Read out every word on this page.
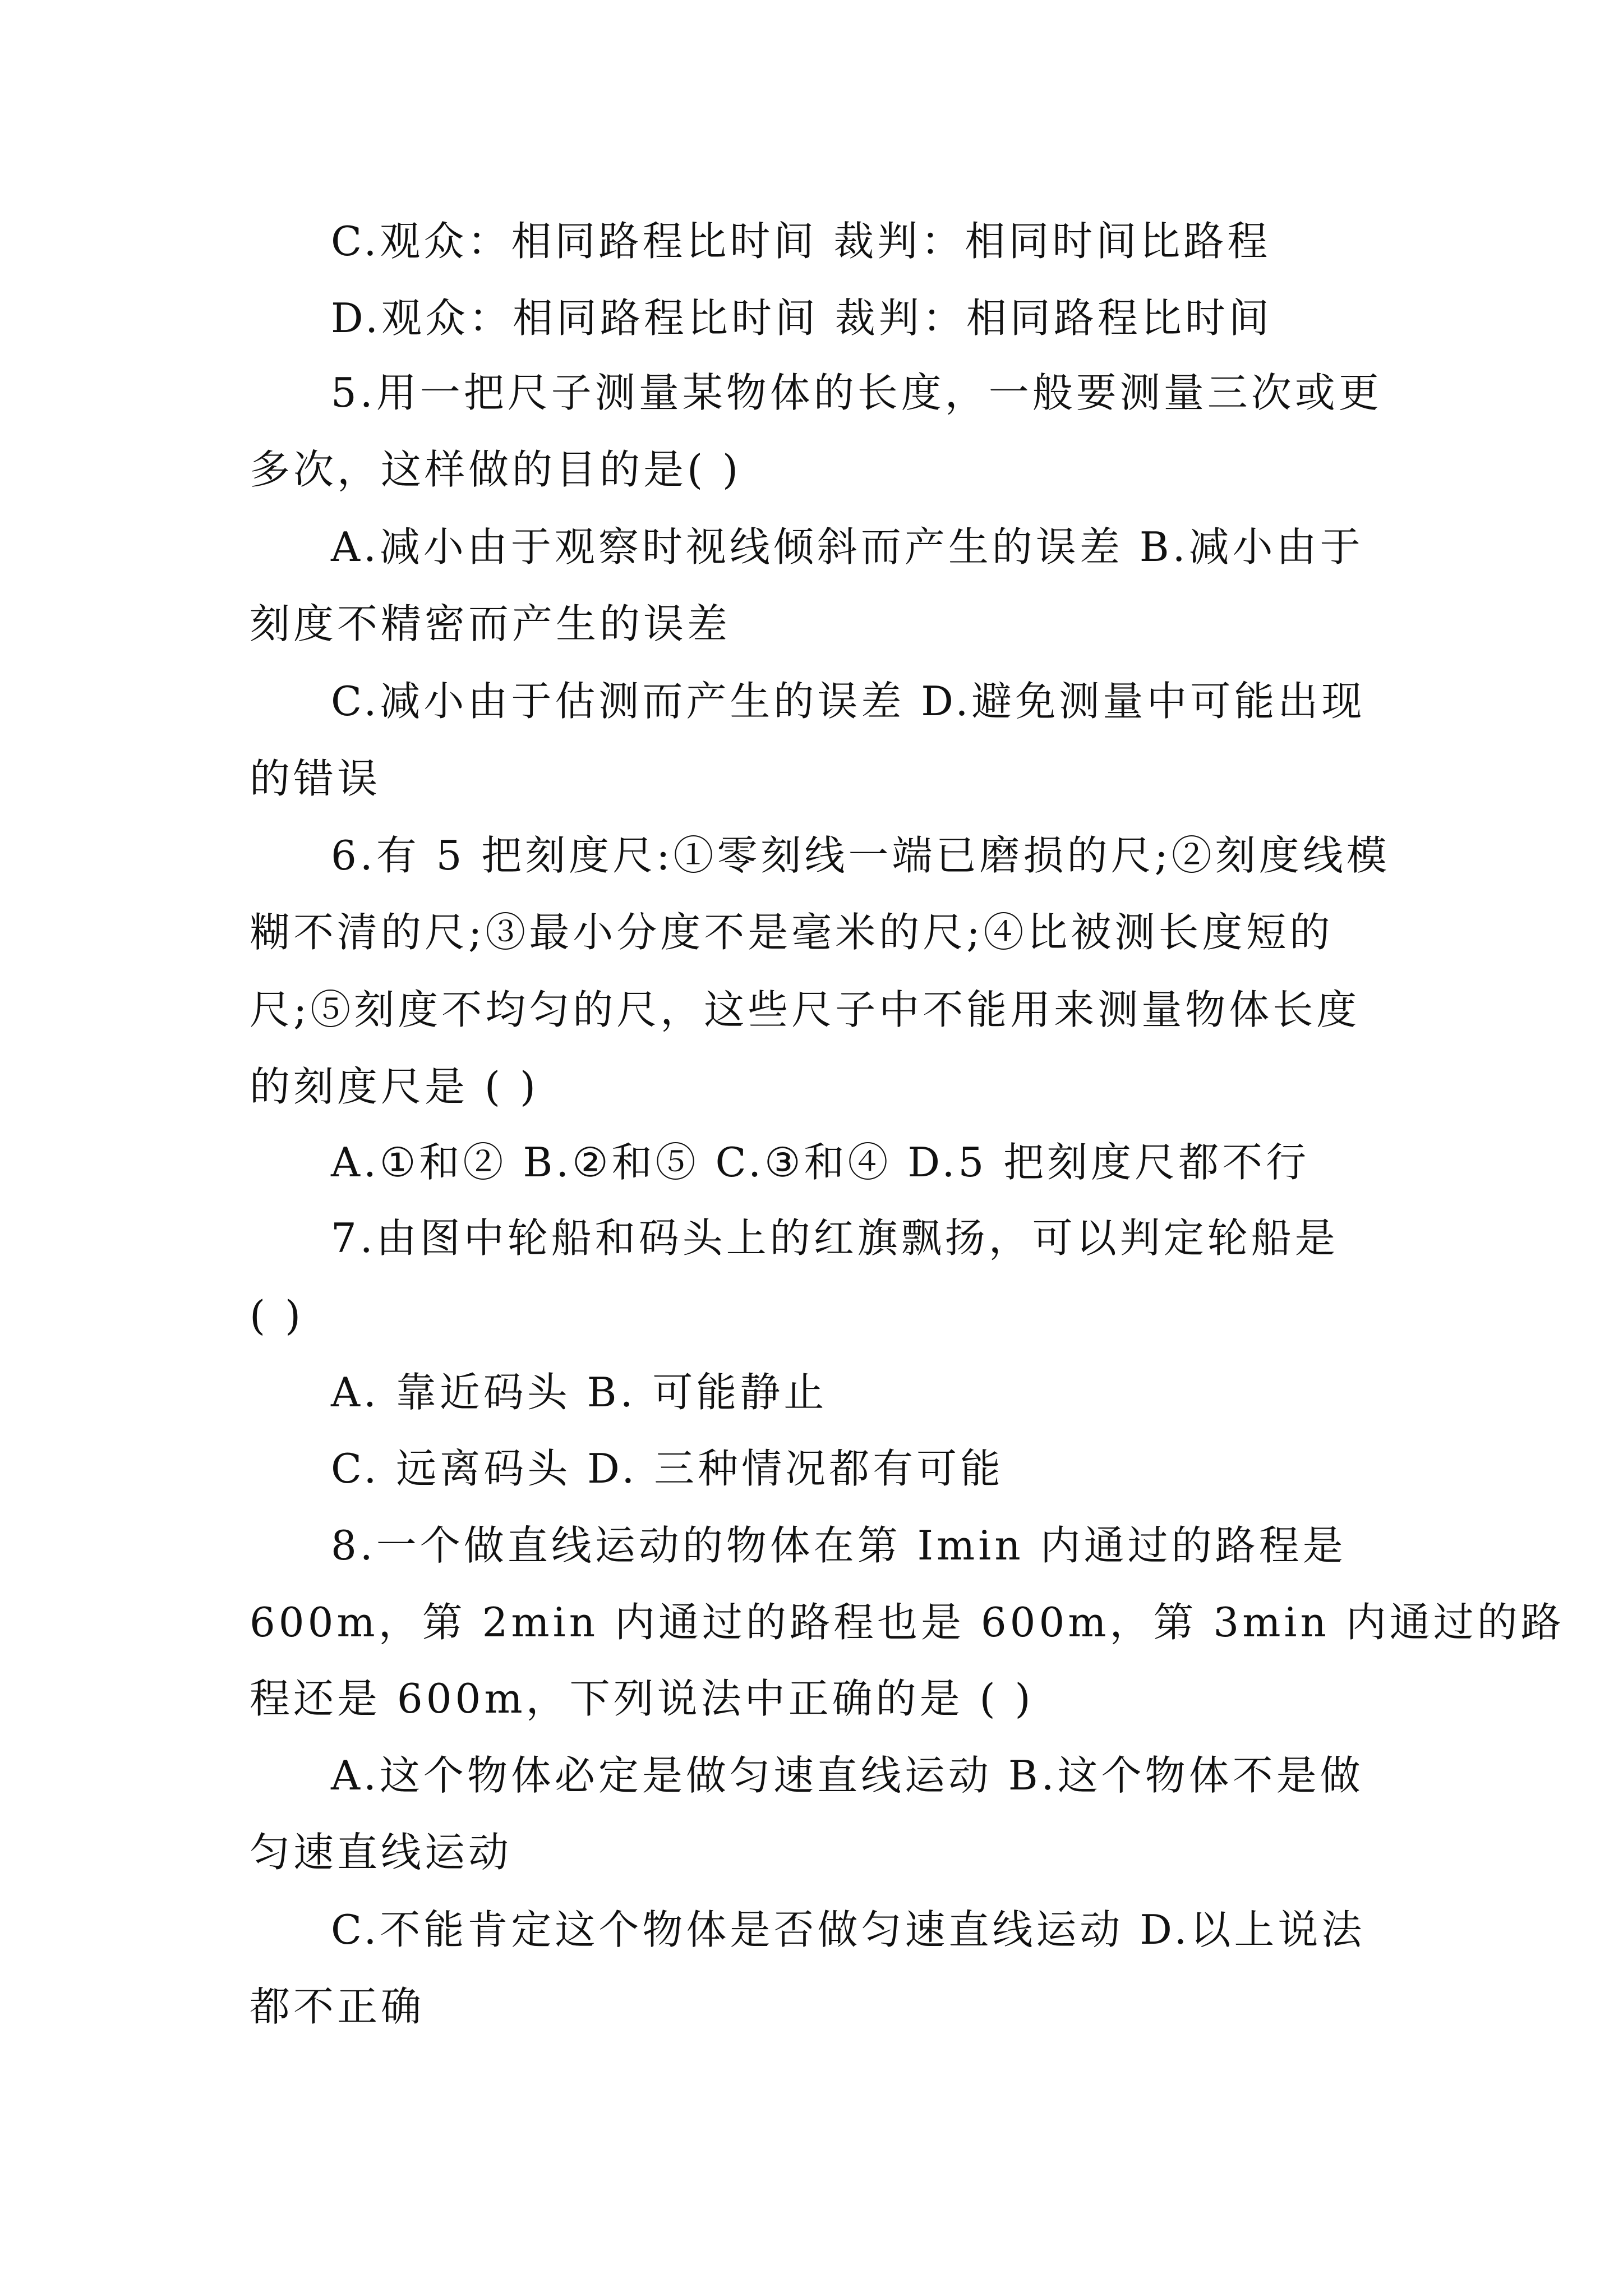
C.观众：相同路程比时间 裁判：相同时间比路程
D.观众：相同路程比时间 裁判：相同路程比时间
5.用一把尺子测量某物体的长度，一般要测量三次或更
多次，这样做的目的是( )
A.减小由于观察时视线倾斜而产生的误差 B.减小由于
刻度不精密而产生的误差
C.减小由于估测而产生的误差 D.避免测量中可能出现
的错误
6.有 5 把刻度尺:①零刻线一端已磨损的尺;②刻度线模
糊不清的尺;③最小分度不是毫米的尺;④比被测长度短的
尺;⑤刻度不均匀的尺，这些尺子中不能用来测量物体长度
的刻度尺是 ( )
A.①和② B.②和⑤ C.③和④ D.5 把刻度尺都不行
7.由图中轮船和码头上的红旗飘扬，可以判定轮船是
( )
A. 靠近码头 B. 可能静止
C. 远离码头 D. 三种情况都有可能
8.一个做直线运动的物体在第 Imin 内通过的路程是
600m，第 2min 内通过的路程也是 600m，第 3min 内通过的路
程还是 600m，下列说法中正确的是 ( )
A.这个物体必定是做匀速直线运动 B.这个物体不是做
匀速直线运动
C.不能肯定这个物体是否做匀速直线运动 D.以上说法
都不正确
